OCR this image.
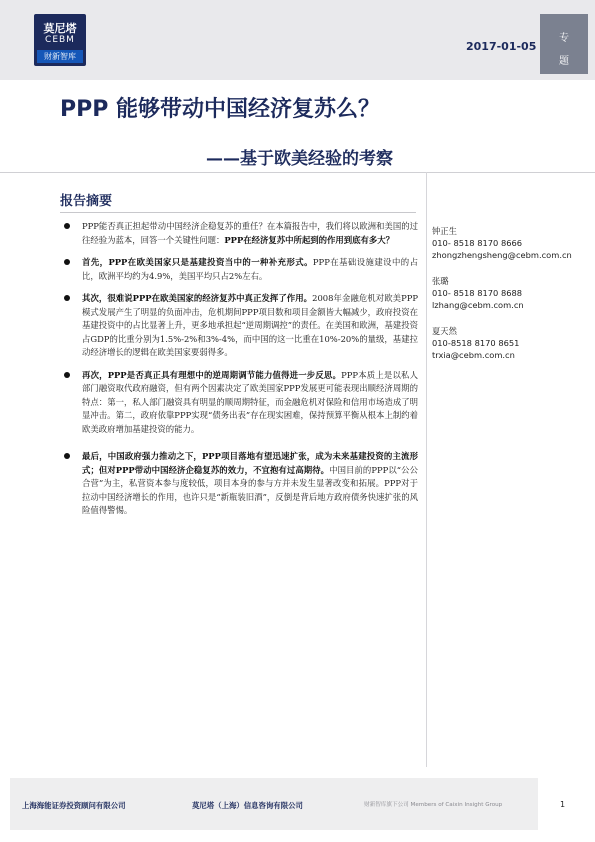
莫尼塔
CEBM
财新智库
2017-01-05
专
题
PPP 能够带动中国经济复苏么？
——基于欧美经验的考察
报告摘要

PPP能否真正担起带动中国经济企稳复苏的重任？在本篇报告中，我们将以欧洲和美国的过往经验为蓝本，回答一个关键性问题：PPP在经济复苏中所起到的作用到底有多大？

首先，PPP在欧美国家只是基建投资当中的一种补充形式。PPP在基础设施建设中的占比，欧洲平均约为4.9%，美国平均只占2%左右。

其次，很难说PPP在欧美国家的经济复苏中真正发挥了作用。2008年金融危机对欧美PPP模式发展产生了明显的负面冲击，危机期间PPP项目数和项目金额皆大幅减少，政府投资在基建投资中的占比显著上升，更多地承担起“逆周期调控”的责任。在美国和欧洲，基建投资占GDP的比重分别为1.5%-2%和3%-4%，而中国的这一比重在10%-20%的量级，基建拉动经济增长的逻辑在欧美国家要弱得多。

再次，PPP是否真正具有理想中的逆周期调节能力值得进一步反思。PPP本质上是以私人部门融资取代政府融资，但有两个因素决定了欧美国家PPP发展更可能表现出顺经济周期的特点：第一，私人部门融资具有明显的顺周期特征，而金融危机对保险和信用市场造成了明显冲击。第二，政府依靠PPP实现“债务出表”存在现实困难，保持预算平衡从根本上制约着欧美政府增加基建投资的能力。

最后，中国政府强力推动之下，PPP项目落地有望迅速扩张，成为未来基建投资的主流形式；但对PPP带动中国经济企稳复苏的效力，不宜抱有过高期待。中国目前的PPP以“公公合营”为主，私营资本参与度较低，项目本身的参与方并未发生显著改变和拓展。PPP对于拉动中国经济增长的作用，也许只是“新瓶装旧酒”，反倒是背后地方政府债务快速扩张的风险值得警惕。

钟正生
010- 8518 8170 8666
zhongzhengsheng@cebm.com.cn
张璐
010- 8518 8170 8688
lzhang@cebm.com.cn
夏天然
010-8518 8170 8651
trxia@cebm.com.cn
上海海能证券投资顾问有限公司	莫尼塔（上海）信息咨询有限公司	财新智库旗下公司 Members of Caixin Insight Group	1
